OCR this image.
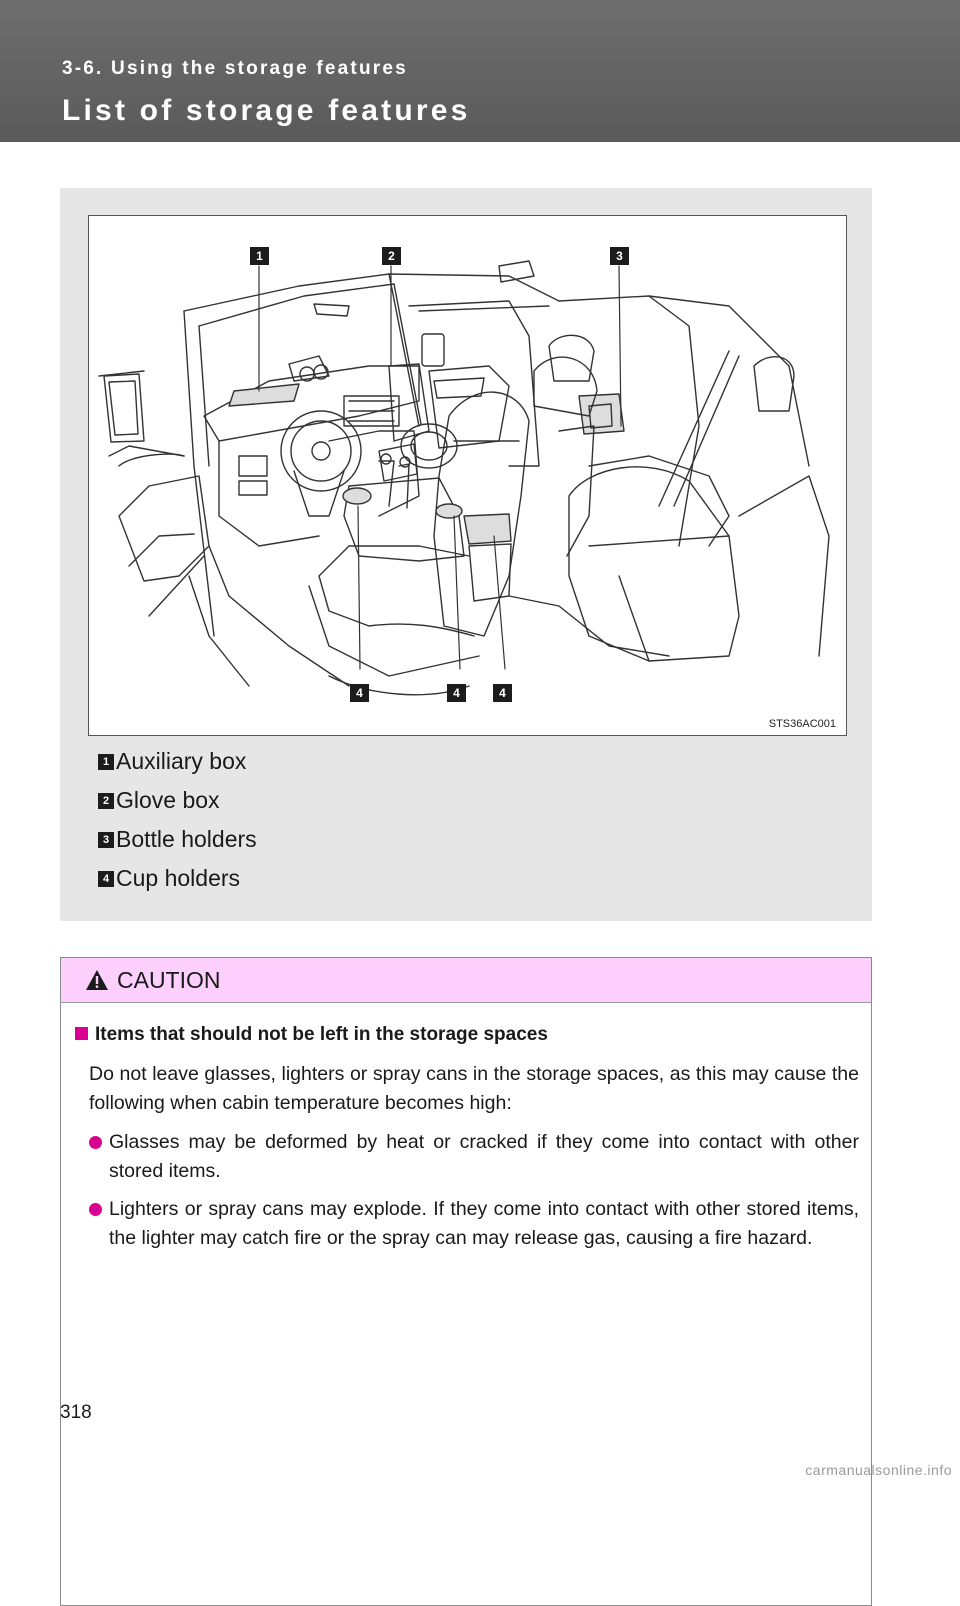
3-6. Using the storage features
List of storage features
1	2	3
4	4	4
STS36AC001
1 Auxiliary box
2 Glove box
3 Bottle holders
4 Cup holders
CAUTION
Items that should not be left in the storage spaces
Do not leave glasses, lighters or spray cans in the storage spaces, as this may cause the following when cabin temperature becomes high:
Glasses may be deformed by heat or cracked if they come into contact with other stored items.
Lighters or spray cans may explode. If they come into contact with other stored items, the lighter may catch fire or the spray can may release gas, causing a fire hazard.
318
carmanualsonline.info
